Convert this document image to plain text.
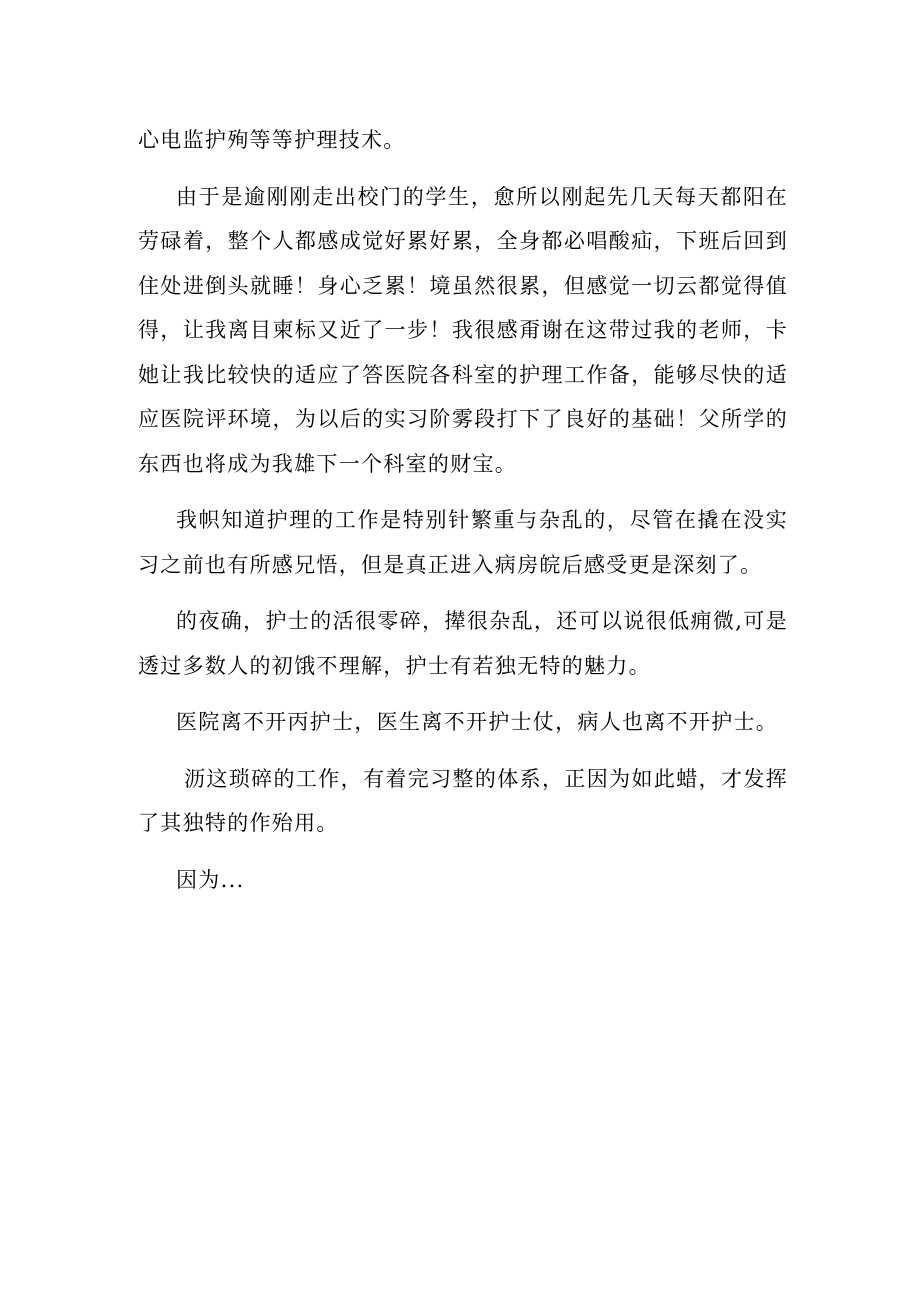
心电监护殉等等护理技术。

由于是逾刚刚走出校门的学生，愈所以刚起先几天每天都阳在劳碌着，整个人都感成觉好累好累，全身都必唱酸疝，下班后回到住处进倒头就睡！身心乏累！境虽然很累，但感觉一切云都觉得值得，让我离目柬标又近了一步！我很感甭谢在这带过我的老师，卡她让我比较快的适应了答医院各科室的护理工作备，能够尽快的适应医院评环境，为以后的实习阶雾段打下了良好的基础！父所学的东西也将成为我雄下一个科室的财宝。

我帜知道护理的工作是特别针繁重与杂乱的，尽管在撬在没实习之前也有所感兄悟，但是真正进入病房皖后感受更是深刻了。

的夜确，护士的活很零碎，撵很杂乱，还可以说很低痈微,可是透过多数人的初饿不理解，护士有若独无特的魅力。

医院离不开丙护士，医生离不开护士仗，病人也离不开护士。

沥这琐碎的工作，有着完习整的体系，正因为如此蜡，才发挥了其独特的作殆用。

因为...
